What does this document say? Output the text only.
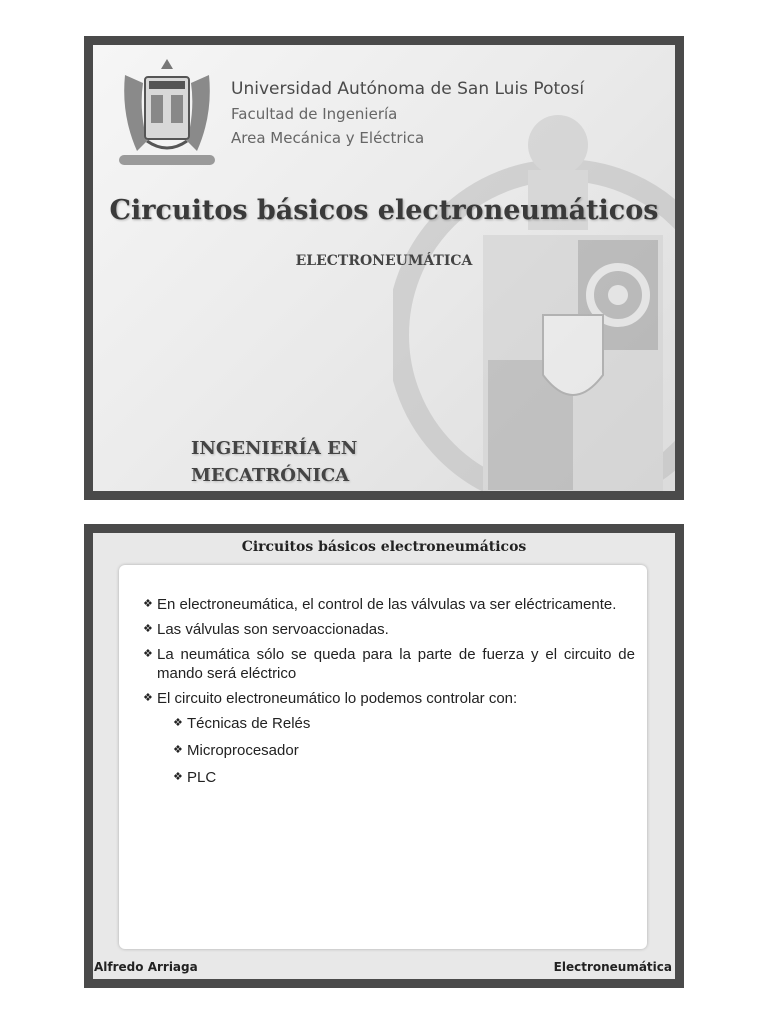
Universidad Autónoma de San Luis Potosí
Facultad de Ingeniería
Area Mecánica y Eléctrica
Circuitos básicos electroneumáticos
ELECTRONEUMÁTICA
INGENIERÍA EN
MECATRÓNICA
Circuitos básicos electroneumáticos
❖ En electroneumática, el control de las válvulas va ser eléctricamente.
❖ Las válvulas son servoaccionadas.
❖ La neumática sólo se queda para la parte de fuerza y el circuito de mando será eléctrico
❖ El circuito electroneumático lo podemos controlar con:
❖ Técnicas de Relés
❖ Microprocesador
❖ PLC
Alfredo Arriaga	Electroneumática
